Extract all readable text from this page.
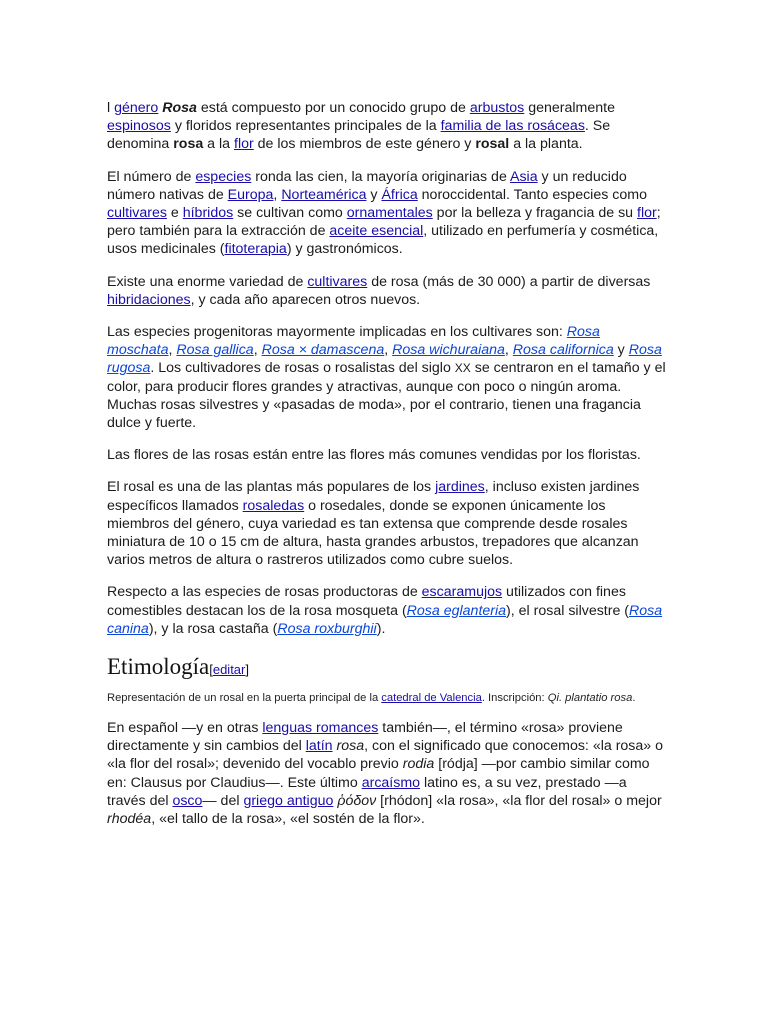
l género Rosa está compuesto por un conocido grupo de arbustos generalmente espinosos y floridos representantes principales de la familia de las rosáceas. Se denomina rosa a la flor de los miembros de este género y rosal a la planta.

El número de especies ronda las cien, la mayoría originarias de Asia y un reducido número nativas de Europa, Norteamérica y África noroccidental. Tanto especies como cultivares e híbridos se cultivan como ornamentales por la belleza y fragancia de su flor; pero también para la extracción de aceite esencial, utilizado en perfumería y cosmética, usos medicinales (fitoterapia) y gastronómicos.

Existe una enorme variedad de cultivares de rosa (más de 30 000) a partir de diversas hibridaciones, y cada año aparecen otros nuevos.

Las especies progenitoras mayormente implicadas en los cultivares son: Rosa moschata, Rosa gallica, Rosa × damascena, Rosa wichuraiana, Rosa californica y Rosa rugosa. Los cultivadores de rosas o rosalistas del siglo XX se centraron en el tamaño y el color, para producir flores grandes y atractivas, aunque con poco o ningún aroma. Muchas rosas silvestres y «pasadas de moda», por el contrario, tienen una fragancia dulce y fuerte.

Las flores de las rosas están entre las flores más comunes vendidas por los floristas.

El rosal es una de las plantas más populares de los jardines, incluso existen jardines específicos llamados rosaledas o rosedales, donde se exponen únicamente los miembros del género, cuya variedad es tan extensa que comprende desde rosales miniatura de 10 o 15 cm de altura, hasta grandes arbustos, trepadores que alcanzan varios metros de altura o rastreros utilizados como cubre suelos.

Respecto a las especies de rosas productoras de escaramujos utilizados con fines comestibles destacan los de la rosa mosqueta (Rosa eglanteria), el rosal silvestre (Rosa canina), y la rosa castaña (Rosa roxburghii).

Etimología[editar]

Representación de un rosal en la puerta principal de la catedral de Valencia. Inscripción: Qi. plantatio rosa.

En español —y en otras lenguas romances también—, el término «rosa» proviene directamente y sin cambios del latín rosa, con el significado que conocemos: «la rosa» o «la flor del rosal»; devenido del vocablo previo rodia [ródja] —por cambio similar como en: Clausus por Claudius—. Este último arcaísmo latino es, a su vez, prestado —a través del osco— del griego antiguo ῥόδον [rhódon] «la rosa», «la flor del rosal» o mejor rhodéa, «el tallo de la rosa», «el sostén de la flor».
